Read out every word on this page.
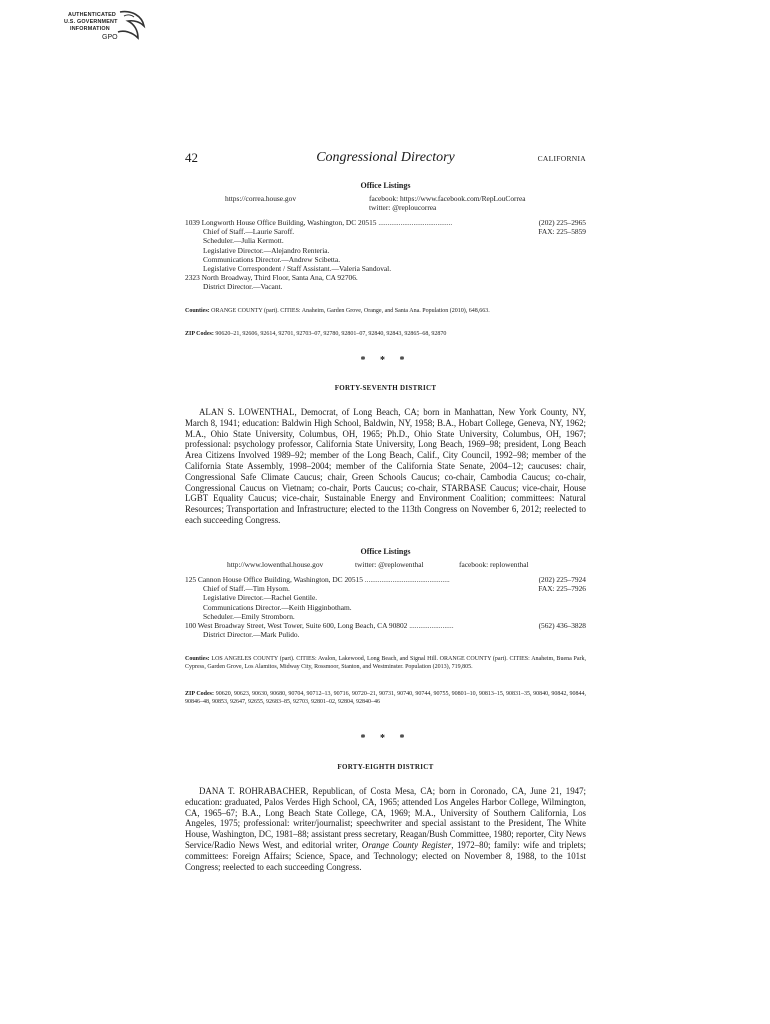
AUTHENTICATED
U.S. GOVERNMENT
INFORMATION
GPO
42	Congressional Directory	CALIFORNIA
Office Listings
https://correa.house.gov	facebook: https://www.facebook.com/RepLouCorrea
twitter: @reploucorrea
1039 Longworth House Office Building, Washington, DC 20515 ........................................	(202) 225–2965
Chief of Staff.—Laurie Saroff.	FAX: 225–5859
Scheduler.—Julia Kermott.
Legislative Director.—Alejandro Renteria.
Communications Director.—Andrew Scibetta.
Legislative Correspondent / Staff Assistant.—Valeria Sandoval.
2323 North Broadway, Third Floor, Santa Ana, CA 92706.
District Director.—Vacant.
Counties: ORANGE COUNTY (part). CITIES: Anaheim, Garden Grove, Orange, and Santa Ana. Population (2010), 648,663.
ZIP Codes: 90620–21, 92606, 92614, 92701, 92703–07, 92780, 92801–07, 92840, 92843, 92865–68, 92870
* * *
FORTY-SEVENTH DISTRICT
ALAN S. LOWENTHAL, Democrat, of Long Beach, CA; born in Manhattan, New York County, NY, March 8, 1941; education: Baldwin High School, Baldwin, NY, 1958; B.A., Hobart College, Geneva, NY, 1962; M.A., Ohio State University, Columbus, OH, 1965; Ph.D., Ohio State University, Columbus, OH, 1967; professional: psychology professor, California State University, Long Beach, 1969–98; president, Long Beach Area Citizens Involved 1989–92; member of the Long Beach, Calif., City Council, 1992–98; member of the California State Assembly, 1998–2004; member of the California State Senate, 2004–12; caucuses: chair, Congressional Safe Climate Caucus; chair, Green Schools Caucus; co-chair, Cambodia Caucus; co-chair, Congressional Caucus on Vietnam; co-chair, Ports Caucus; co-chair, STARBASE Caucus; vice-chair, House LGBT Equality Caucus; vice-chair, Sustainable Energy and Environment Coalition; committees: Natural Resources; Transportation and Infrastructure; elected to the 113th Congress on November 6, 2012; reelected to each succeeding Congress.
Office Listings
http://www.lowenthal.house.gov	twitter: @replowenthal	facebook: replowenthal
125 Cannon House Office Building, Washington, DC 20515 ..............................................	(202) 225–7924
Chief of Staff.—Tim Hysom.	FAX: 225–7926
Legislative Director.—Rachel Gentile.
Communications Director.—Keith Higginbotham.
Scheduler.—Emily Stromborn.
100 West Broadway Street, West Tower, Suite 600, Long Beach, CA 90802 ........................	(562) 436–3828
District Director.—Mark Pulido.
Counties: LOS ANGELES COUNTY (part). CITIES: Avalon, Lakewood, Long Beach, and Signal Hill. ORANGE COUNTY (part). CITIES: Anaheim, Buena Park, Cypress, Garden Grove, Los Alamitos, Midway City, Rossmoor, Stanton, and Westminster. Population (2013), 719,805.
ZIP Codes: 90620, 90623, 90630, 90680, 90704, 90712–13, 90716, 90720–21, 90731, 90740, 90744, 90755, 90801–10, 90813–15, 90831–35, 90840, 90842, 90844, 90846–48, 90853, 92647, 92655, 92683–85, 92703, 92801–02, 92804, 92840–46
* * *
FORTY-EIGHTH DISTRICT
DANA T. ROHRABACHER, Republican, of Costa Mesa, CA; born in Coronado, CA, June 21, 1947; education: graduated, Palos Verdes High School, CA, 1965; attended Los Angeles Harbor College, Wilmington, CA, 1965–67; B.A., Long Beach State College, CA, 1969; M.A., University of Southern California, Los Angeles, 1975; professional: writer/journalist; speechwriter and special assistant to the President, The White House, Washington, DC, 1981–88; assistant press secretary, Reagan/Bush Committee, 1980; reporter, City News Service/Radio News West, and editorial writer, Orange County Register, 1972–80; family: wife and triplets; committees: Foreign Affairs; Science, Space, and Technology; elected on November 8, 1988, to the 101st Congress; reelected to each succeeding Congress.
